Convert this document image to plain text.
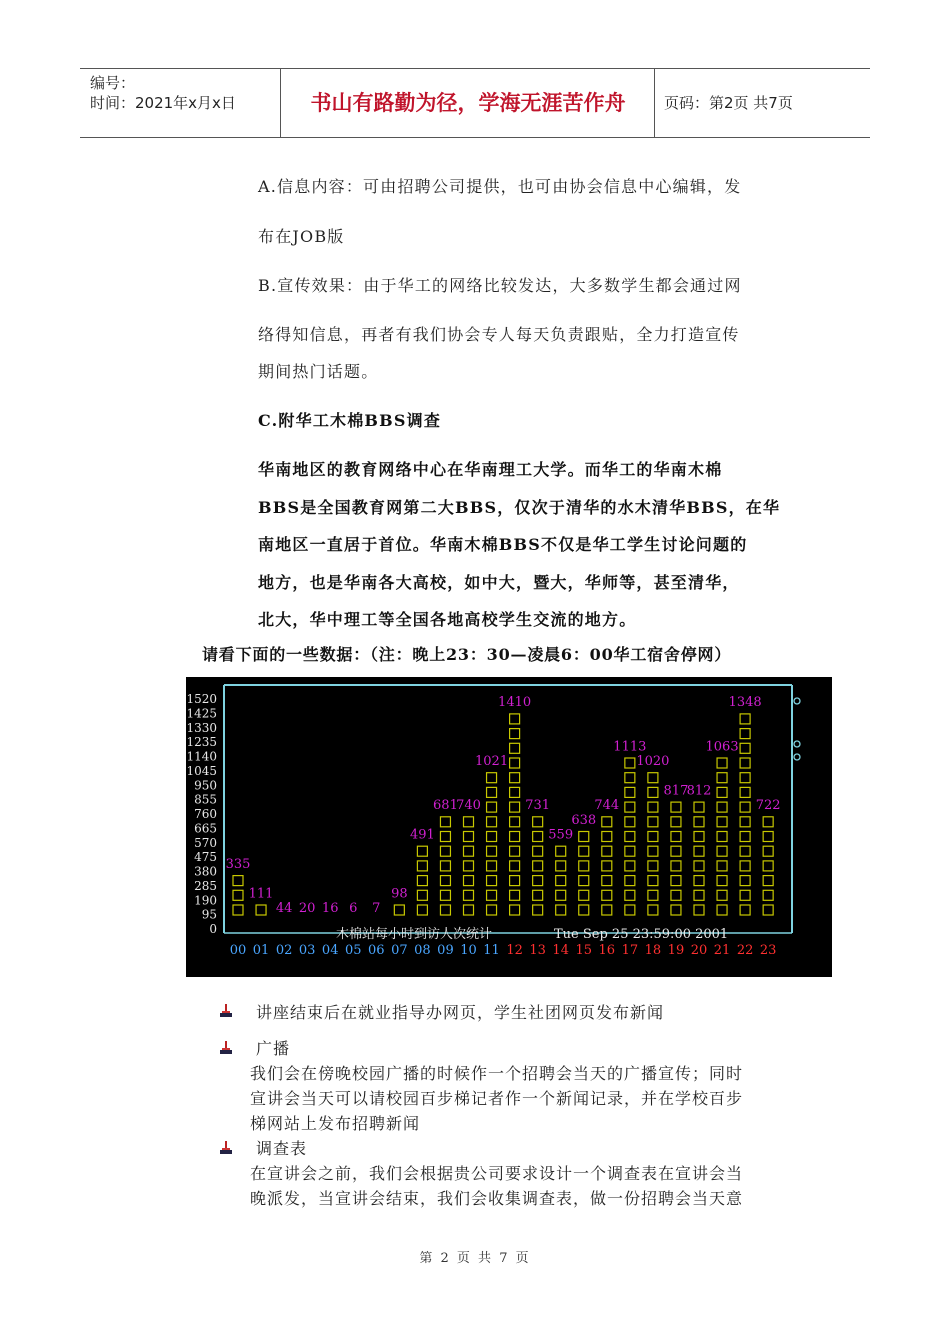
编号：
时间：2021年x月x日	书山有路勤为径，学海无涯苦作舟	页码：第2页 共7页
A.信息内容：可由招聘公司提供，也可由协会信息中心编辑，发
布在JOB版
B.宣传效果：由于华工的网络比较发达，大多数学生都会通过网
络得知信息，再者有我们协会专人每天负责跟贴，全力打造宣传
期间热门话题。
C.附华工木棉BBS调查
华南地区的教育网络中心在华南理工大学。而华工的华南木棉
BBS是全国教育网第二大BBS，仅次于清华的水木清华BBS，在华
南地区一直居于首位。华南木棉BBS不仅是华工学生讨论问题的
地方，也是华南各大高校，如中大，暨大，华师等，甚至清华，
北大，华中理工等全国各地高校学生交流的地方。
请看下面的一些数据：（注：晚上23：30—凌晨6：00华工宿舍停网）
1520
1425
1330
1235
1140
1045
950
855
760
665
570
475
380
285
190
95
0
335
00
111
01
44
02
20
03
16
04
6
05
7
06
98
07
491
08
681
09
740
10
1021
11
1410
12
731
13
559
14
638
15
744
16
1113
17
1020
18
817
19
812
20
1063
21
1348
22
722
23
木棉站每小时到访人次统计	Tue Sep 25 23:59:00 2001
讲座结束后在就业指导办网页，学生社团网页发布新闻
广播
我们会在傍晚校园广播的时候作一个招聘会当天的广播宣传；同时
宣讲会当天可以请校园百步梯记者作一个新闻记录，并在学校百步
梯网站上发布招聘新闻
调查表
在宣讲会之前，我们会根据贵公司要求设计一个调查表在宣讲会当
晚派发，当宣讲会结束，我们会收集调查表，做一份招聘会当天意
第 2 页 共 7 页
